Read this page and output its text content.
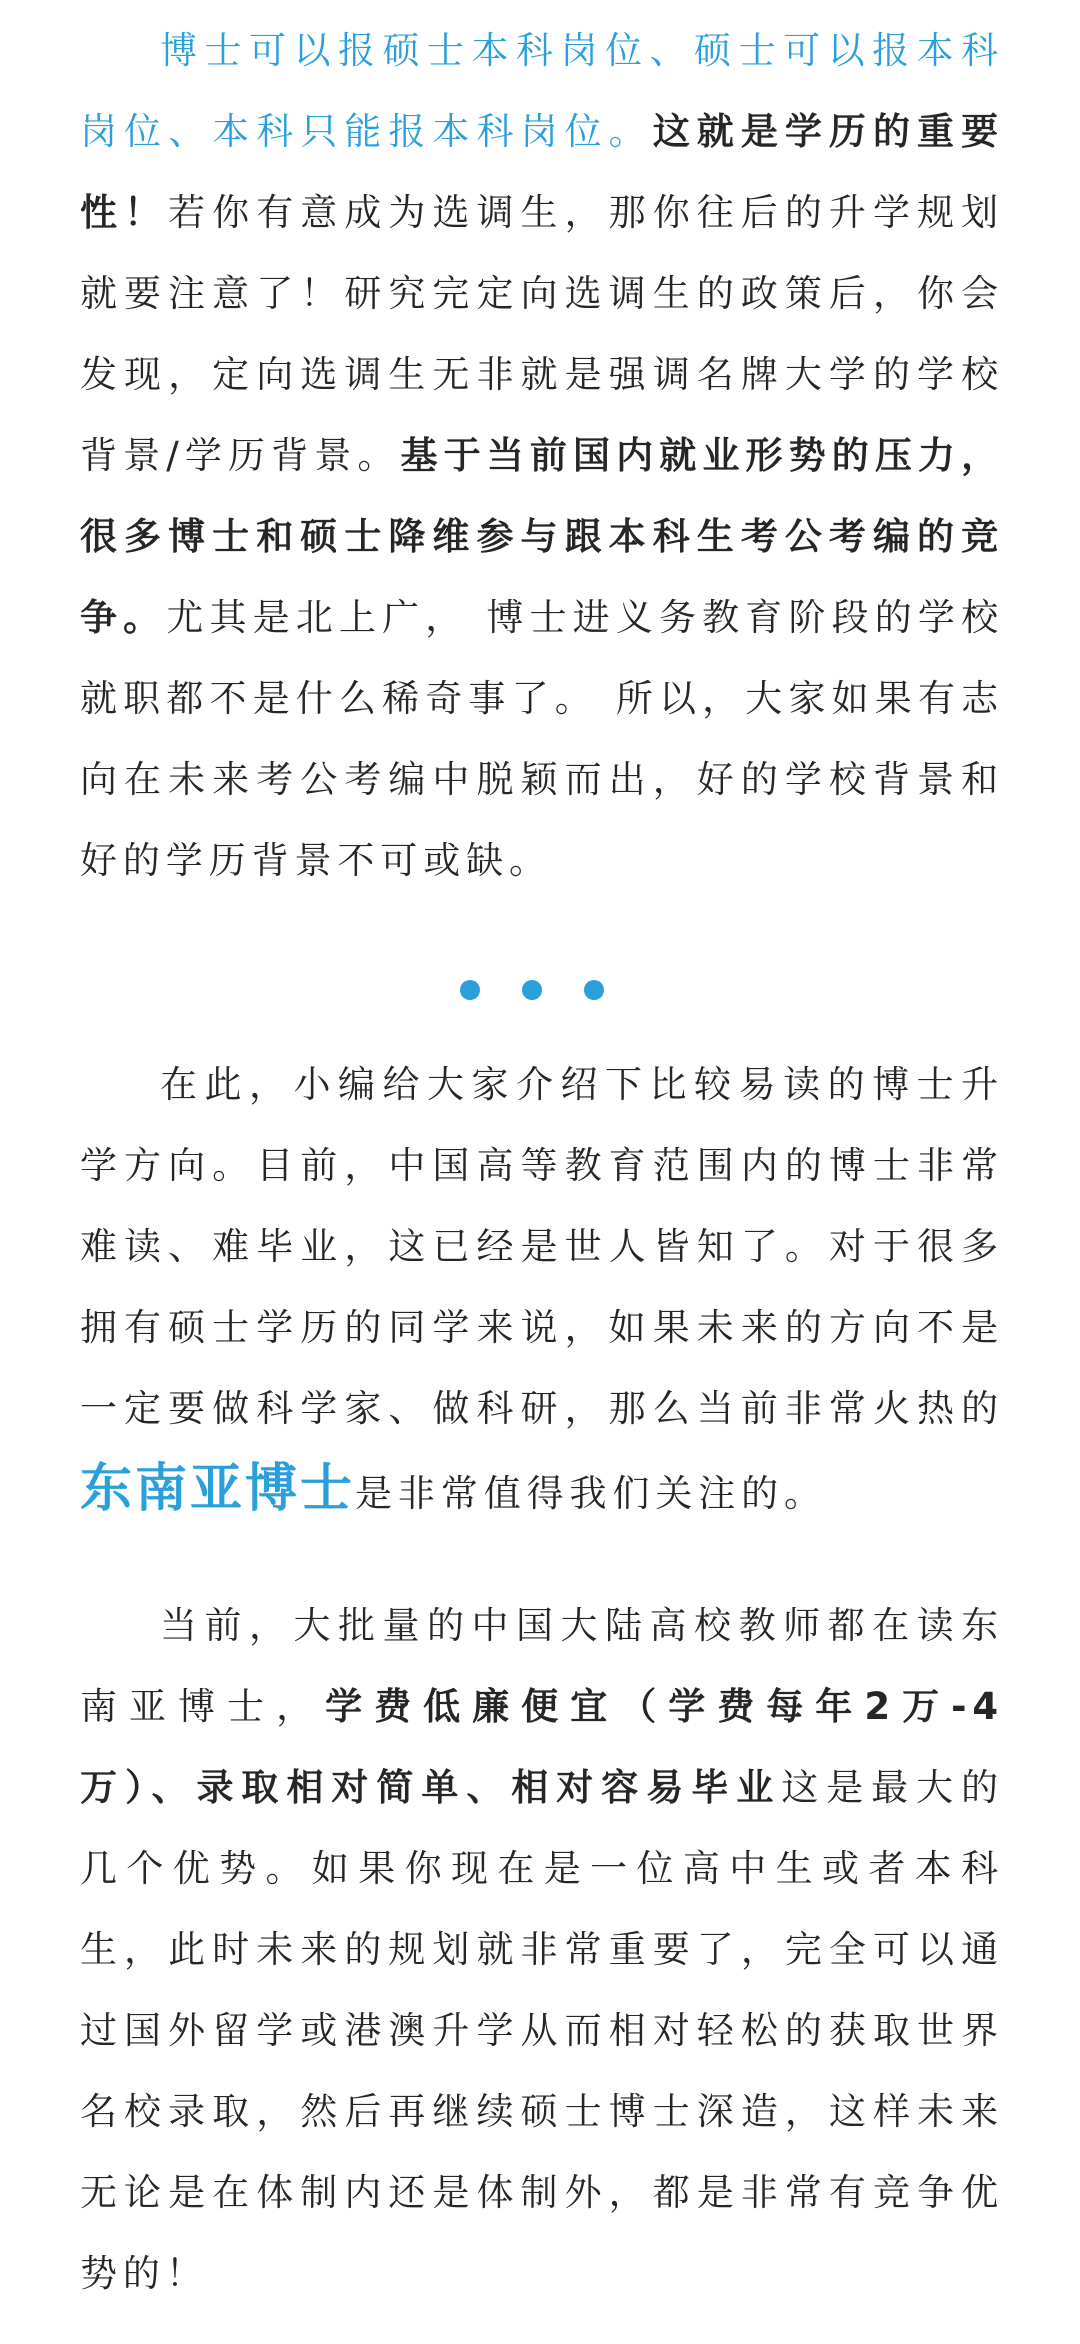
博士可以报硕士本科岗位、硕士可以报本科岗位、本科只能报本科岗位。这就是学历的重要性！若你有意成为选调生，那你往后的升学规划就要注意了！研究完定向选调生的政策后，你会发现，定向选调生无非就是强调名牌大学的学校背景/学历背景。基于当前国内就业形势的压力，很多博士和硕士降维参与跟本科生考公考编的竞争。尤其是北上广， 博士进义务教育阶段的学校就职都不是什么稀奇事了。 所以，大家如果有志向在未来考公考编中脱颖而出，好的学校背景和好的学历背景不可或缺。

在此，小编给大家介绍下比较易读的博士升学方向。目前，中国高等教育范围内的博士非常难读、难毕业，这已经是世人皆知了。对于很多拥有硕士学历的同学来说，如果未来的方向不是一定要做科学家、做科研，那么当前非常火热的东南亚博士是非常值得我们关注的。

当前，大批量的中国大陆高校教师都在读东南亚博士，学费低廉便宜（学费每年2万-4万）、录取相对简单、相对容易毕业这是最大的几个优势。如果你现在是一位高中生或者本科生，此时未来的规划就非常重要了，完全可以通过国外留学或港澳升学从而相对轻松的获取世界名校录取，然后再继续硕士博士深造，这样未来无论是在体制内还是体制外，都是非常有竞争优势的！
